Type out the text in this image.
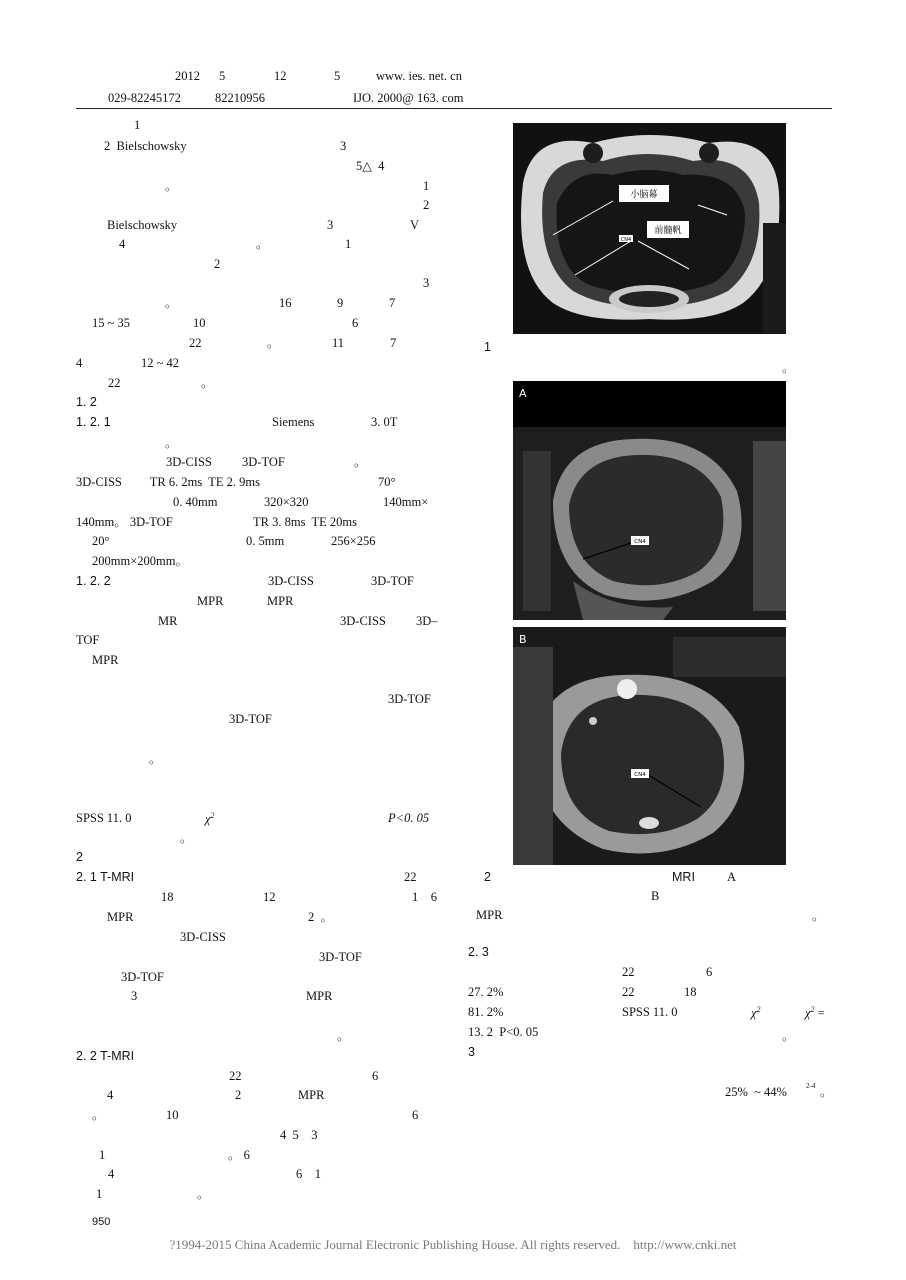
2012 5	12	5	www. ies. net. cn
029-82245172	82210956	IJO. 2000@ 163. com
1
2  Bielschowsky	3
5△  4
。	1
2
Bielschowsky	3	V
4	。	1
2
3
。	16	9	7
15 ~ 35	10	6
22	。	11	7
4	12 ~ 42
22	。
1. 2
1. 2. 1	Siemens	3. 0T
。
3D-CISS 3D-TOF	。
3D-CISS         TR 6. 2ms  TE 2. 9ms	70°
0. 40mm	320×320	140mm×
140mm。 3D-TOF	TR 3. 8ms  TE 20ms
20°	0. 5mm	256×256
200mm×200mm。
1. 2. 2	3D-CISS	3D-TOF
MPR	MPR
MR	3D-CISS 3D–
TOF
MPR
3D-TOF
3D-TOF
。
SPSS 11. 0	$\chi^2$	P<0. 05
。
2
2. 1 T-MRI	22
18	12	1    6
MPR	2  。
3D-CISS
3D-TOF
3D-TOF
3	MPR
。
2. 2 T-MRI
22	6
4	2	MPR
。	10	6
4  5    3
1	。 6
4	6    1
1	。
950
小脑幕
前髓帆
CN4
1
。
CN4
A
CN4
B
2	MRI	A
B
MPR	。
2. 3
22	6
27. 2%	22	18
81. 2%	SPSS 11. 0	$\chi^2$	$\chi^2$ =
13. 2  P<0. 05	。
3
25%  ~ 44%	2-4 。
?1994-2015 China Academic Journal Electronic Publishing House. All rights reserved.    http://www.cnki.net
